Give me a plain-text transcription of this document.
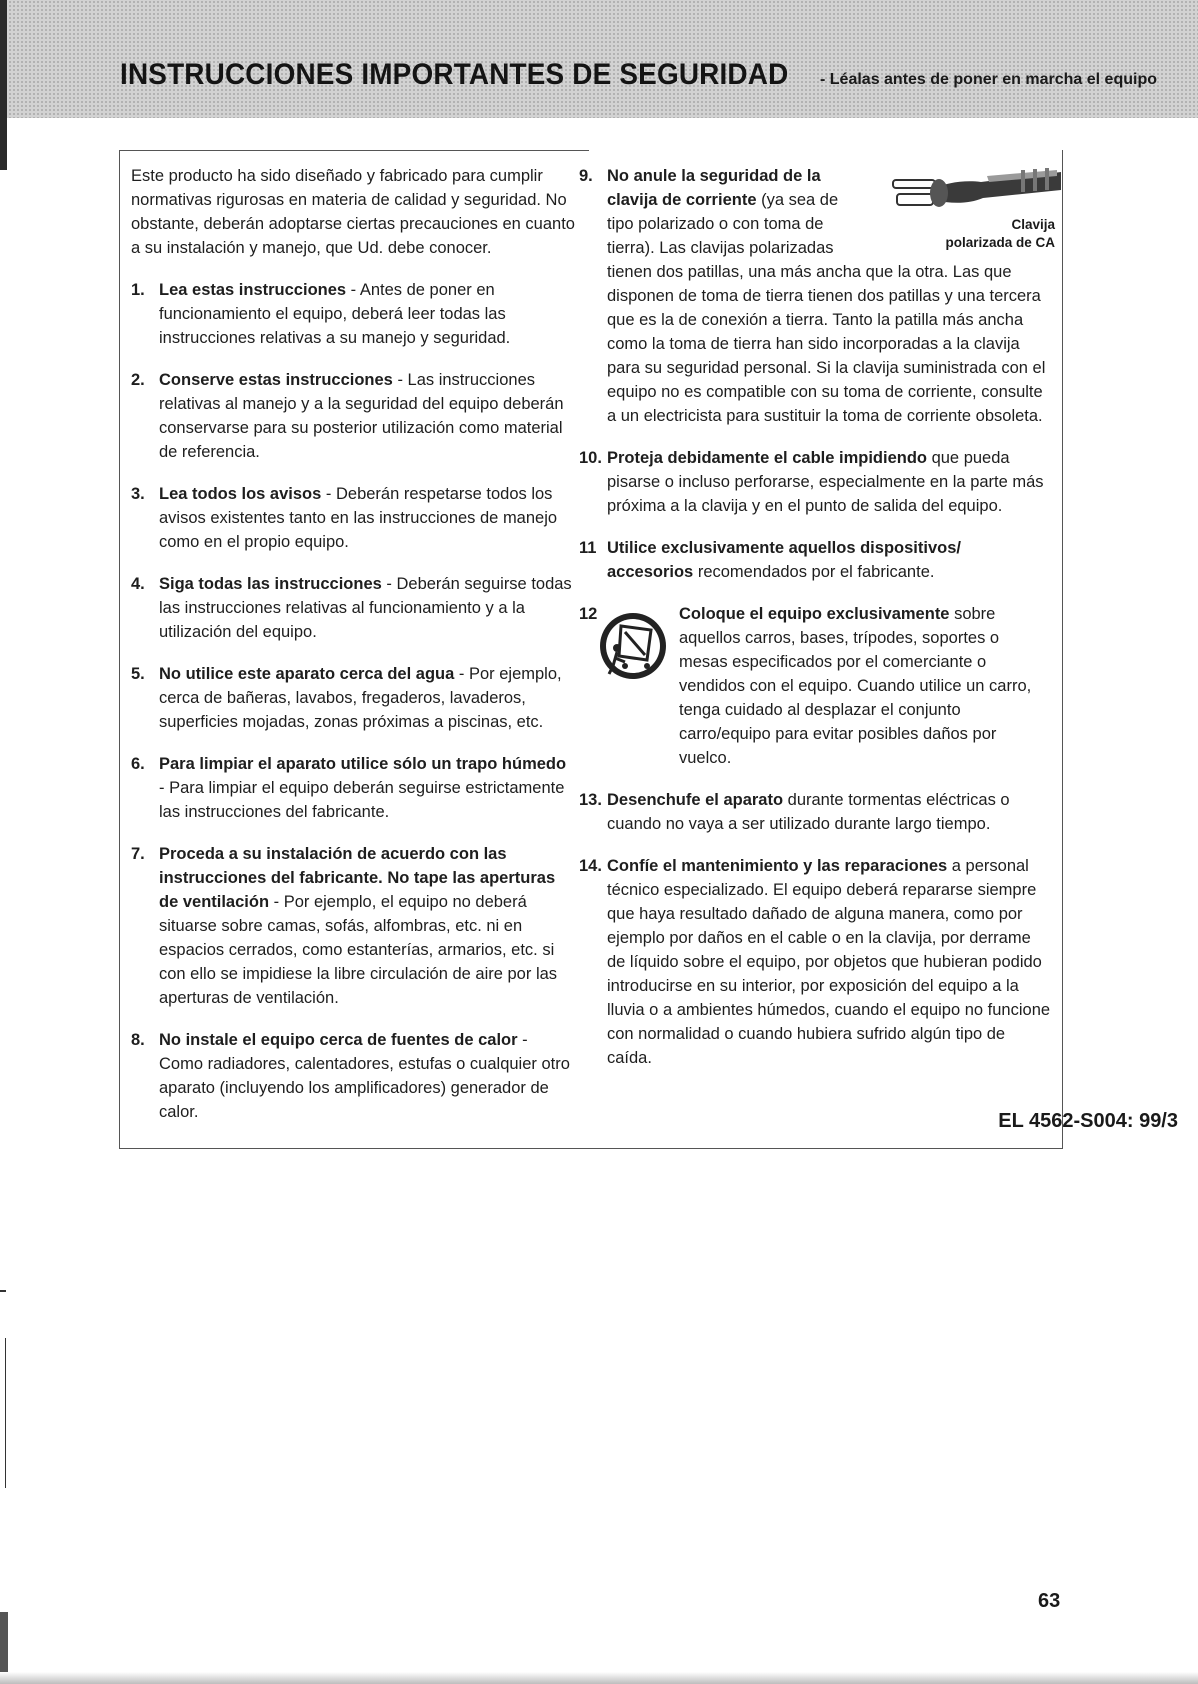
INSTRUCCIONES IMPORTANTES DE SEGURIDAD - Léalas antes de poner en marcha el equipo

Este producto ha sido diseñado y fabricado para cumplir normativas rigurosas en materia de calidad y seguridad. No obstante, deberán adoptarse ciertas precauciones en cuanto a su instalación y manejo, que Ud. debe conocer.

1. Lea estas instrucciones - Antes de poner en funcionamiento el equipo, deberá leer todas las instrucciones relativas a su manejo y seguridad.
2. Conserve estas instrucciones - Las instrucciones relativas al manejo y a la seguridad del equipo deberán conservarse para su posterior utilización como material de referencia.
3. Lea todos los avisos - Deberán respetarse todos los avisos existentes tanto en las instrucciones de manejo como en el propio equipo.
4. Siga todas las instrucciones - Deberán seguirse todas las instrucciones relativas al funcionamiento y a la utilización del equipo.
5. No utilice este aparato cerca del agua - Por ejemplo, cerca de bañeras, lavabos, fregaderos, lavaderos, superficies mojadas, zonas próximas a piscinas, etc.
6. Para limpiar el aparato utilice sólo un trapo húmedo - Para limpiar el equipo deberán seguirse estrictamente las instrucciones del fabricante.
7. Proceda a su instalación de acuerdo con las instrucciones del fabricante. No tape las aperturas de ventilación - Por ejemplo, el equipo no deberá situarse sobre camas, sofás, alfombras, etc. ni en espacios cerrados, como estanterías, armarios, etc. si con ello se impidiese la libre circulación de aire por las aperturas de ventilación.
8. No instale el equipo cerca de fuentes de calor - Como radiadores, calentadores, estufas o cualquier otro aparato (incluyendo los amplificadores) generador de calor.
9.
Clavija
polarizada de CA
No anule la seguridad de la clavija de corriente (ya sea de tipo polarizado o con toma de tierra). Las clavijas polarizadas tienen dos patillas, una más ancha que la otra. Las que disponen de toma de tierra tienen dos patillas y una tercera que es la de conexión a tierra. Tanto la patilla más ancha como la toma de tierra han sido incorporadas a la clavija para su seguridad personal. Si la clavija suministrada con el equipo no es compatible con su toma de corriente, consulte a un electricista para sustituir la toma de corriente obsoleta.
10. Proteja debidamente el cable impidiendo que pueda pisarse o incluso perforarse, especialmente en la parte más próxima a la clavija y en el punto de salida del equipo.
11 Utilice exclusivamente aquellos dispositivos/ accesorios recomendados por el fabricante.
12	Coloque el equipo exclusivamente sobre aquellos carros, bases, trípodes, soportes o mesas especificados por el comerciante o vendidos con el equipo. Cuando utilice un carro, tenga cuidado al desplazar el conjunto carro/equipo para evitar posibles daños por vuelco.
13. Desenchufe el aparato durante tormentas eléctricas o cuando no vaya a ser utilizado durante largo tiempo.
14. Confíe el mantenimiento y las reparaciones a personal técnico especializado. El equipo deberá repararse siempre que haya resultado dañado de alguna manera, como por ejemplo por daños en el cable o en la clavija, por derrame de líquido sobre el equipo, por objetos que hubieran podido introducirse en su interior, por exposición del equipo a la lluvia o a ambientes húmedos, cuando el equipo no funcione con normalidad o cuando hubiera sufrido algún tipo de caída.
EL 4562-S004: 99/3
63
